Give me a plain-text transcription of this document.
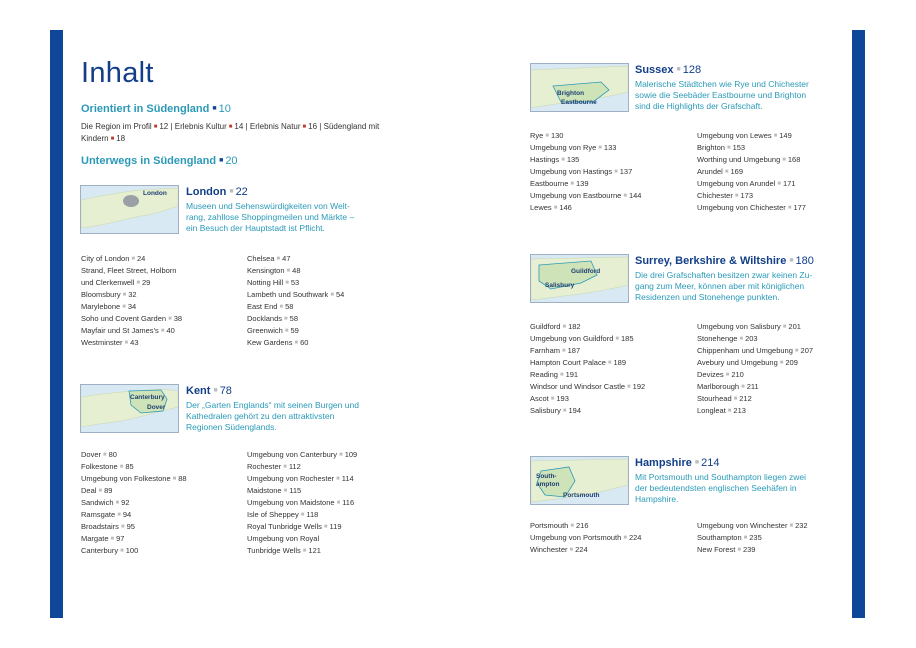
Inhalt
Orientiert in Südengland ■ 10
Die Region im Profil ■ 12 | Erlebnis Kultur ■ 14 | Erlebnis Natur ■ 16 | Südengland mit Kindern ■ 18
Unterwegs in Südengland ■ 20
London London ■ 22
Museen und Sehenswürdigkeiten von Welt-
rang, zahllose Shoppingmeilen und Märkte –
ein Besuch der Hauptstadt ist Pflicht.
City of London ■ 24
Strand, Fleet Street, Holborn
und Clerkenwell ■ 29
Bloomsbury ■ 32
Marylebone ■ 34
Soho und Covent Garden ■ 38
Mayfair und St James’s ■ 40
Westminster ■ 43
Chelsea ■ 47
Kensington ■ 48
Notting Hill ■ 53
Lambeth und Southwark ■ 54
East End ■ 58
Docklands ■ 58
Greenwich ■ 59
Kew Gardens ■ 60
Canterbury
Dover
Kent ■ 78
Der „Garten Englands“ mit seinen Burgen und
Kathedralen gehört zu den attraktivsten
Regionen Südenglands.
Dover ■ 80
Folkestone ■ 85
Umgebung von Folkestone ■ 88
Deal ■ 89
Sandwich ■ 92
Ramsgate ■ 94
Broadstairs ■ 95
Margate ■ 97
Canterbury ■ 100
Umgebung von Canterbury ■ 109
Rochester ■ 112
Umgebung von Rochester ■ 114
Maidstone ■ 115
Umgebung von Maidstone ■ 116
Isle of Sheppey ■ 118
Royal Tunbridge Wells ■ 119
Umgebung von Royal
Tunbridge Wells ■ 121
Brighton
Eastbourne
Sussex ■ 128
Malerische Städtchen wie Rye und Chichester
sowie die Seebäder Eastbourne und Brighton
sind die Highlights der Grafschaft.
Rye ■ 130
Umgebung von Rye ■ 133
Hastings ■ 135
Umgebung von Hastings ■ 137
Eastbourne ■ 139
Umgebung von Eastbourne ■ 144
Lewes ■ 146
Umgebung von Lewes ■ 149
Brighton ■ 153
Worthing und Umgebung ■ 168
Arundel ■ 169
Umgebung von Arundel ■ 171
Chichester ■ 173
Umgebung von Chichester ■ 177
Guildford
Salisbury
Surrey, Berkshire & Wiltshire ■ 180
Die drei Grafschaften besitzen zwar keinen Zu-
gang zum Meer, können aber mit königlichen
Residenzen und Stonehenge punkten.
Guildford ■ 182
Umgebung von Guildford ■ 185
Farnham ■ 187
Hampton Court Palace ■ 189
Reading ■ 191
Windsor und Windsor Castle ■ 192
Ascot ■ 193
Salisbury ■ 194
Umgebung von Salisbury ■ 201
Stonehenge ■ 203
Chippenham und Umgebung ■ 207
Avebury und Umgebung ■ 209
Devizes ■ 210
Marlborough ■ 211
Stourhead ■ 212
Longleat ■ 213
South-
ampton
Portsmouth
Hampshire ■ 214
Mit Portsmouth und Southampton liegen zwei
der bedeutendsten englischen Seehäfen in
Hampshire.
Portsmouth ■ 216
Umgebung von Portsmouth ■ 224
Winchester ■ 224
Umgebung von Winchester ■ 232
Southampton ■ 235
New Forest ■ 239
